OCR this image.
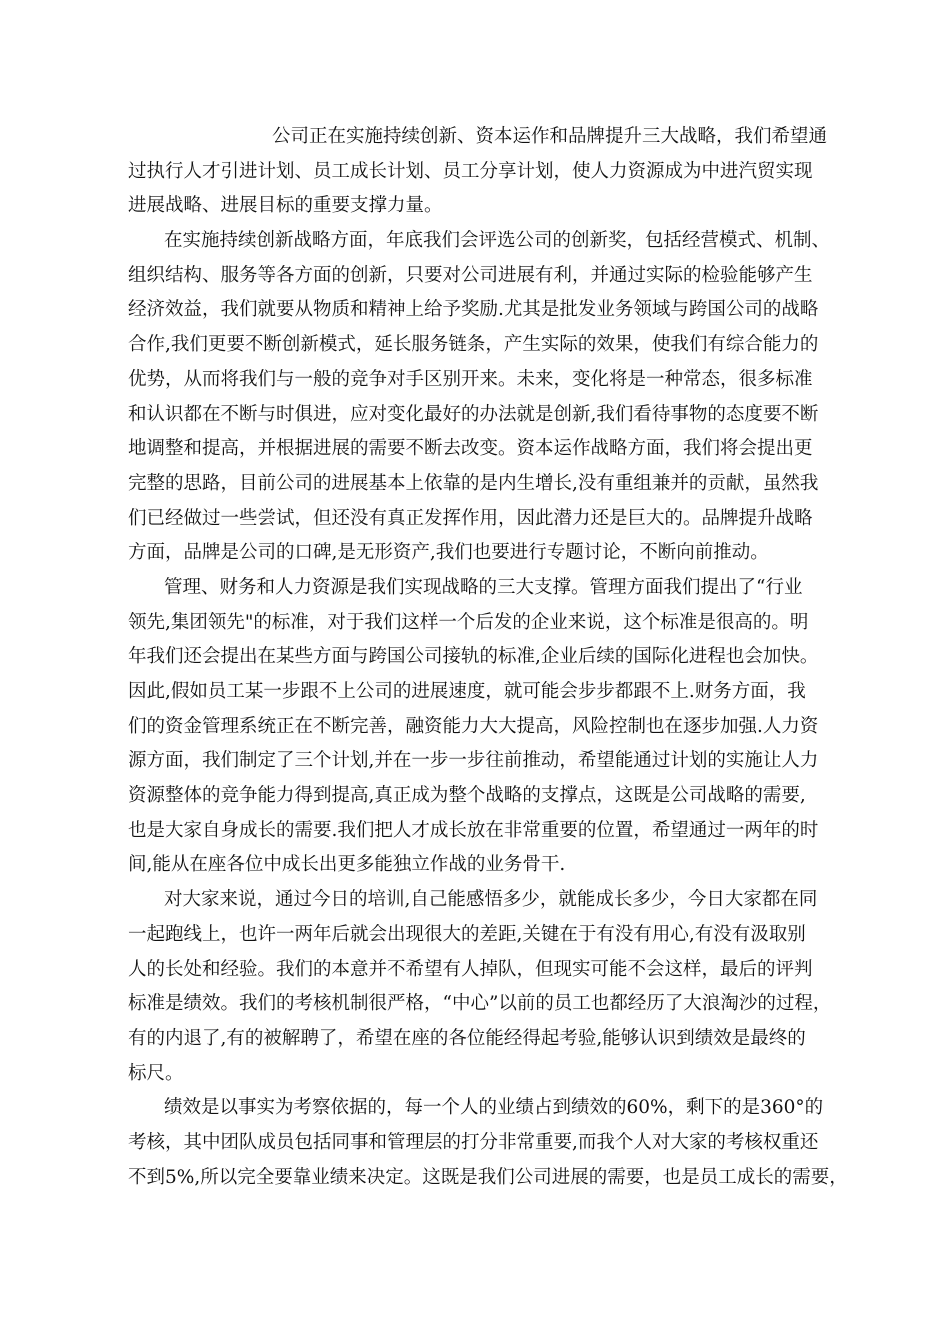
公司正在实施持续创新、资本运作和品牌提升三大战略，我们希望通
过执行人才引进计划、员工成长计划、员工分享计划，使人力资源成为中进汽贸实现
进展战略、进展目标的重要支撑力量。
在实施持续创新战略方面，年底我们会评选公司的创新奖，包括经营模式、机制、
组织结构、服务等各方面的创新，只要对公司进展有利，并通过实际的检验能够产生
经济效益，我们就要从物质和精神上给予奖励.尤其是批发业务领域与跨国公司的战略
合作,我们更要不断创新模式，延长服务链条，产生实际的效果，使我们有综合能力的
优势，从而将我们与一般的竞争对手区别开来。未来，变化将是一种常态，很多标准
和认识都在不断与时俱进，应对变化最好的办法就是创新,我们看待事物的态度要不断
地调整和提高，并根据进展的需要不断去改变。资本运作战略方面，我们将会提出更
完整的思路，目前公司的进展基本上依靠的是内生增长,没有重组兼并的贡献，虽然我
们已经做过一些尝试，但还没有真正发挥作用，因此潜力还是巨大的。品牌提升战略
方面，品牌是公司的口碑,是无形资产,我们也要进行专题讨论，不断向前推动。
管理、财务和人力资源是我们实现战略的三大支撑。管理方面我们提出了“行业
领先,集团领先"的标准，对于我们这样一个后发的企业来说，这个标准是很高的。明
年我们还会提出在某些方面与跨国公司接轨的标准,企业后续的国际化进程也会加快。
因此,假如员工某一步跟不上公司的进展速度，就可能会步步都跟不上.财务方面，我
们的资金管理系统正在不断完善，融资能力大大提高，风险控制也在逐步加强.人力资
源方面，我们制定了三个计划,并在一步一步往前推动，希望能通过计划的实施让人力
资源整体的竞争能力得到提高,真正成为整个战略的支撑点，这既是公司战略的需要,
也是大家自身成长的需要.我们把人才成长放在非常重要的位置，希望通过一两年的时
间,能从在座各位中成长出更多能独立作战的业务骨干.
对大家来说，通过今日的培训,自己能感悟多少，就能成长多少，今日大家都在同
一起跑线上，也许一两年后就会出现很大的差距,关键在于有没有用心,有没有汲取别
人的长处和经验。我们的本意并不希望有人掉队，但现实可能不会这样，最后的评判
标准是绩效。我们的考核机制很严格，“中心”以前的员工也都经历了大浪淘沙的过程，
有的内退了,有的被解聘了，希望在座的各位能经得起考验,能够认识到绩效是最终的
标尺。
绩效是以事实为考察依据的，每一个人的业绩占到绩效的60%，剩下的是360°的
考核，其中团队成员包括同事和管理层的打分非常重要,而我个人对大家的考核权重还
不到5%,所以完全要靠业绩来决定。这既是我们公司进展的需要，也是员工成长的需要，
